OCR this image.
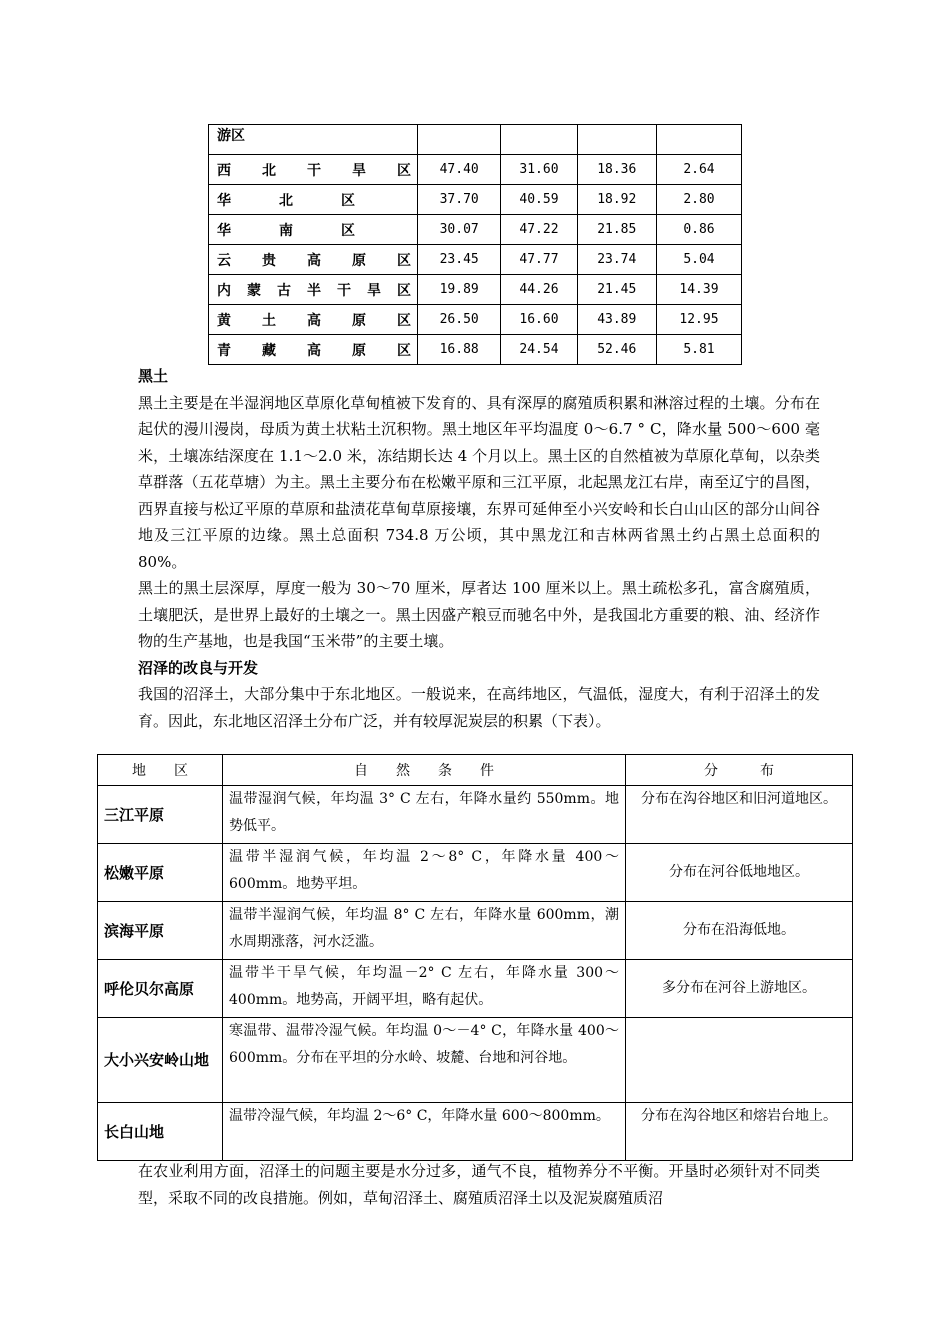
游区				
西北干旱区	47.40	31.60	18.36	2.64
华北区	37.70	40.59	18.92	2.80
华南区	30.07	47.22	21.85	0.86
云贵高原区	23.45	47.77	23.74	5.04
内蒙古半干旱区	19.89	44.26	21.45	14.39
黄土高原区	26.50	16.60	43.89	12.95
青藏高原区	16.88	24.54	52.46	5.81
黑土
黑土主要是在半湿润地区草原化草甸植被下发育的、具有深厚的腐殖质积累和淋溶过程的土壤。分布在起伏的漫川漫岗，母质为黄土状粘土沉积物。黑土地区年平均温度 0～6.7 ° C，降水量 500～600 毫米，土壤冻结深度在 1.1～2.0 米，冻结期长达 4 个月以上。黑土区的自然植被为草原化草甸，以杂类草群落（五花草塘）为主。黑土主要分布在松嫩平原和三江平原，北起黑龙江右岸，南至辽宁的昌图，西界直接与松辽平原的草原和盐渍花草甸草原接壤，东界可延伸至小兴安岭和长白山山区的部分山间谷地及三江平原的边缘。黑土总面积 734.8 万公顷，其中黑龙江和吉林两省黑土约占黑土总面积的 80%。
黑土的黑土层深厚，厚度一般为 30～70 厘米，厚者达 100 厘米以上。黑土疏松多孔，富含腐殖质，土壤肥沃，是世界上最好的土壤之一。黑土因盛产粮豆而驰名中外，是我国北方重要的粮、油、经济作物的生产基地，也是我国“玉米带”的主要土壤。
沼泽的改良与开发
我国的沼泽土，大部分集中于东北地区。一般说来，在高纬地区，气温低，湿度大，有利于沼泽土的发育。因此，东北地区沼泽土分布广泛，并有较厚泥炭层的积累（下表）。
地　　区	自　　然　　条　　件	分　　　布
三江平原	温带湿润气候，年均温 3° C 左右，年降水量约 550mm。地势低平。	分布在沟谷地区和旧河道地区。
松嫩平原	温带半湿润气候，年均温 2～8° C，年降水量 400～600mm。地势平坦。	分布在河谷低地地区。
滨海平原	温带半湿润气候，年均温 8° C 左右，年降水量 600mm，潮水周期涨落，河水泛滥。	分布在沿海低地。
呼伦贝尔高原	温带半干旱气候，年均温－2° C 左右，年降水量 300～400mm。地势高，开阔平坦，略有起伏。	多分布在河谷上游地区。
大小兴安岭山地	寒温带、温带冷湿气候。年均温 0～－4° C，年降水量 400～600mm。分布在平坦的分水岭、坡麓、台地和河谷地。	
长白山地	温带冷湿气候，年均温 2～6° C，年降水量 600～800mm。	分布在沟谷地区和熔岩台地上。
在农业利用方面，沼泽土的问题主要是水分过多，通气不良，植物养分不平衡。开垦时必须针对不同类型，采取不同的改良措施。例如，草甸沼泽土、腐殖质沼泽土以及泥炭腐殖质沼
